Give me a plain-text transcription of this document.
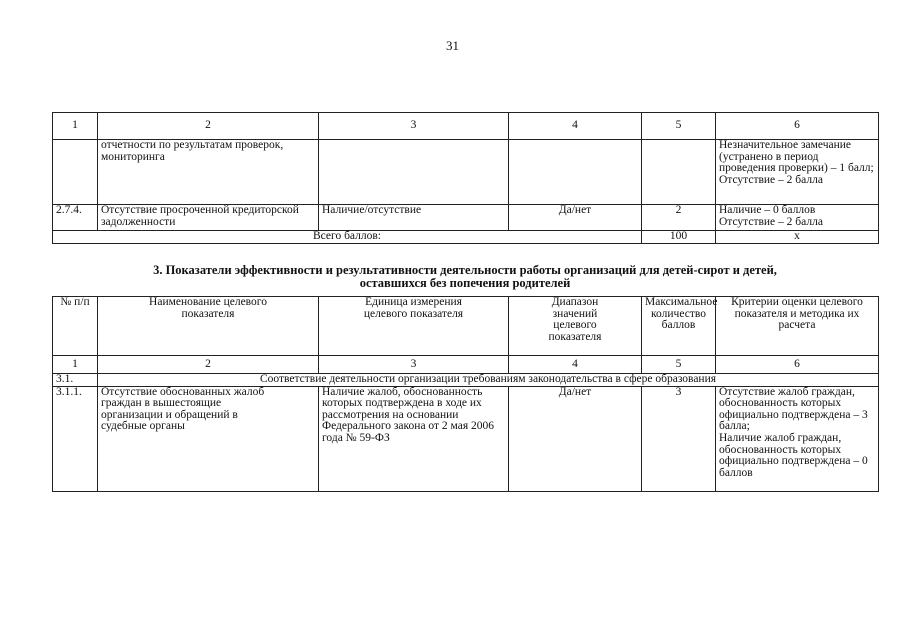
31
1	2	3	4	5	6
	отчетности по результатам проверок, мониторинга				Незначительное замечание (устранено в период проведения проверки) – 1 балл;
Отсутствие – 2 балла

2.7.4.	Отсутствие просроченной кредиторской задолженности	Наличие/отсутствие	Да/нет	2	Наличие – 0 баллов
Отсутствие – 2 балла

Всего баллов:				100	х
3. Показатели эффективности и результативности деятельности работы организаций для детей-сирот и детей,
оставшихся без попечения родителей
№ п/п	Наименование целевого показателя	Единица измерения целевого показателя	Диапазон значений целевого показателя	Максимальное количество баллов	Критерии оценки целевого показателя и методика их расчета
1	2	3	4	5	6
3.1.	Соответствие деятельности организации требованиям законодательства в сфере образования				
3.1.1.	Отсутствие обоснованных жалоб граждан в вышестоящие организации и обращений в судебные органы	Наличие жалоб, обоснованность которых подтверждена в ходе их рассмотрения на основании Федерального закона от 2 мая 2006 года № 59-ФЗ	Да/нет	3	Отсутствие жалоб граждан, обоснованность которых официально подтверждена – 3 балла;
Наличие жалоб граждан, обоснованность которых официально подтверждена – 0 баллов
